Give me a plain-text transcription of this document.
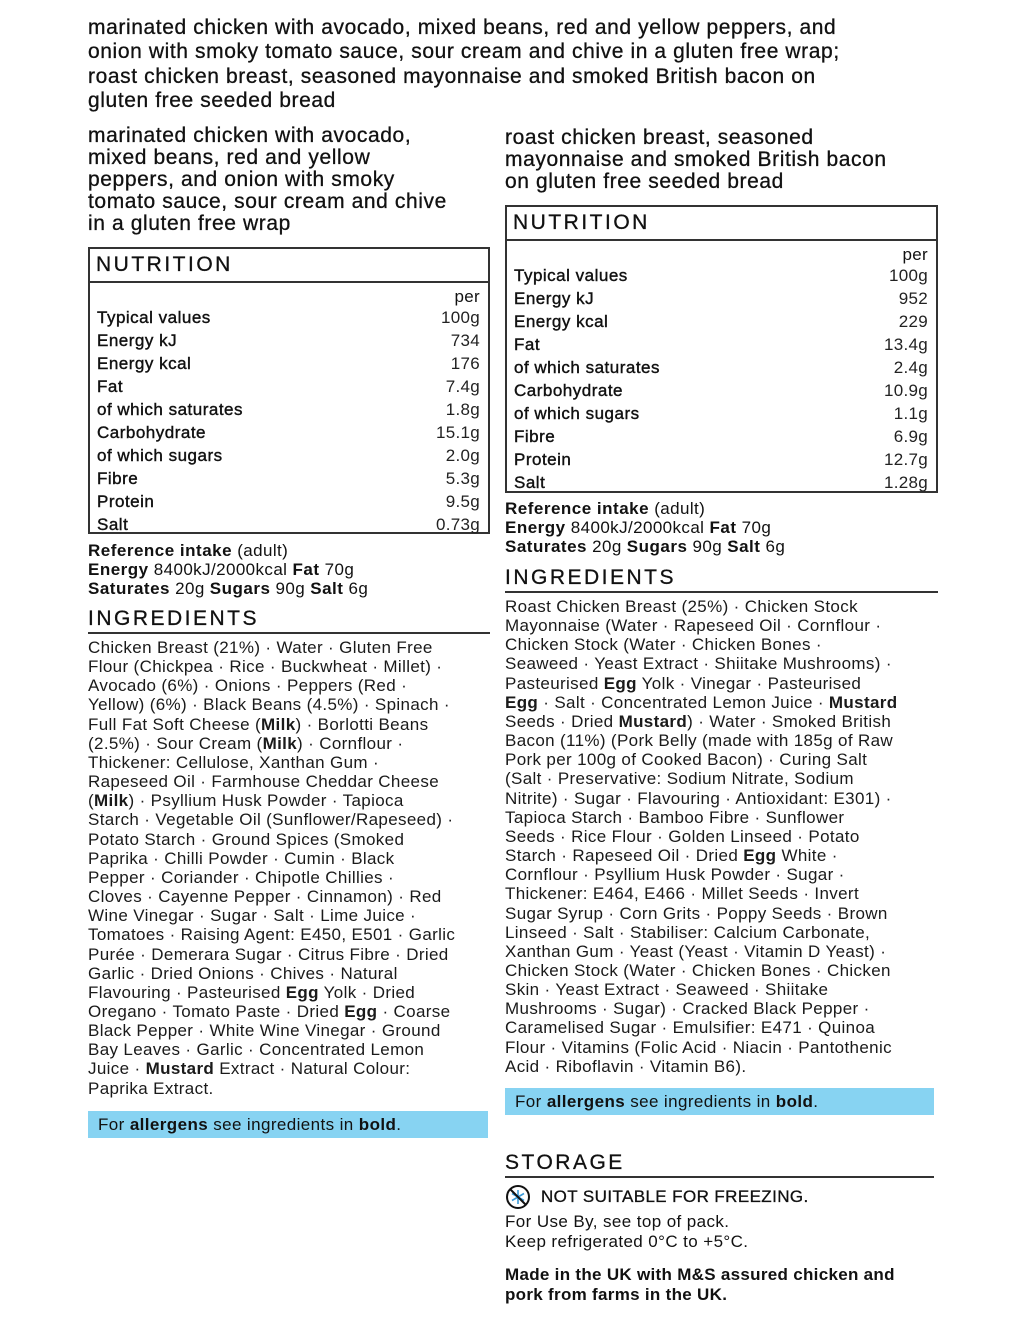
marinated chicken with avocado, mixed beans, red and yellow peppers, and
onion with smoky tomato sauce, sour cream and chive in a gluten free wrap;
roast chicken breast, seasoned mayonnaise and smoked British bacon on
gluten free seeded bread
marinated chicken with avocado,
mixed beans, red and yellow
peppers, and onion with smoky
tomato sauce, sour cream and chive
in a gluten free wrap
NUTRITION
per
Typical values	100g
Energy kJ	734
Energy kcal	176
Fat	7.4g
of which saturates	1.8g
Carbohydrate	15.1g
of which sugars	2.0g
Fibre	5.3g
Protein	9.5g
Salt	0.73g
Reference intake (adult)
Energy 8400kJ/2000kcal Fat 70g
Saturates 20g Sugars 90g Salt 6g
INGREDIENTS
Chicken Breast (21%) · Water · Gluten Free
Flour (Chickpea · Rice · Buckwheat · Millet) ·
Avocado (6%) · Onions · Peppers (Red ·
Yellow) (6%) · Black Beans (4.5%) · Spinach ·
Full Fat Soft Cheese (Milk) · Borlotti Beans
(2.5%) · Sour Cream (Milk) · Cornflour ·
Thickener: Cellulose, Xanthan Gum ·
Rapeseed Oil · Farmhouse Cheddar Cheese
(Milk) · Psyllium Husk Powder · Tapioca
Starch · Vegetable Oil (Sunflower/Rapeseed) ·
Potato Starch · Ground Spices (Smoked
Paprika · Chilli Powder · Cumin · Black
Pepper · Coriander · Chipotle Chillies ·
Cloves · Cayenne Pepper · Cinnamon) · Red
Wine Vinegar · Sugar · Salt · Lime Juice ·
Tomatoes · Raising Agent: E450, E501 · Garlic
Purée · Demerara Sugar · Citrus Fibre · Dried
Garlic · Dried Onions · Chives · Natural
Flavouring · Pasteurised Egg Yolk · Dried
Oregano · Tomato Paste · Dried Egg · Coarse
Black Pepper · White Wine Vinegar · Ground
Bay Leaves · Garlic · Concentrated Lemon
Juice · Mustard Extract · Natural Colour:
Paprika Extract.
For allergens see ingredients in bold.
roast chicken breast, seasoned
mayonnaise and smoked British bacon
on gluten free seeded bread
NUTRITION
per
Typical values	100g
Energy kJ	952
Energy kcal	229
Fat	13.4g
of which saturates	2.4g
Carbohydrate	10.9g
of which sugars	1.1g
Fibre	6.9g
Protein	12.7g
Salt	1.28g
Reference intake (adult)
Energy 8400kJ/2000kcal Fat 70g
Saturates 20g Sugars 90g Salt 6g
INGREDIENTS
Roast Chicken Breast (25%) · Chicken Stock
Mayonnaise (Water · Rapeseed Oil · Cornflour ·
Chicken Stock (Water · Chicken Bones ·
Seaweed · Yeast Extract · Shiitake Mushrooms) ·
Pasteurised Egg Yolk · Vinegar · Pasteurised
Egg · Salt · Concentrated Lemon Juice · Mustard
Seeds · Dried Mustard) · Water · Smoked British
Bacon (11%) (Pork Belly (made with 185g of Raw
Pork per 100g of Cooked Bacon) · Curing Salt
(Salt · Preservative: Sodium Nitrate, Sodium
Nitrite) · Sugar · Flavouring · Antioxidant: E301) ·
Tapioca Starch · Bamboo Fibre · Sunflower
Seeds · Rice Flour · Golden Linseed · Potato
Starch · Rapeseed Oil · Dried Egg White ·
Cornflour · Psyllium Husk Powder · Sugar ·
Thickener: E464, E466 · Millet Seeds · Invert
Sugar Syrup · Corn Grits · Poppy Seeds · Brown
Linseed · Salt · Stabiliser: Calcium Carbonate,
Xanthan Gum · Yeast (Yeast · Vitamin D Yeast) ·
Chicken Stock (Water · Chicken Bones · Chicken
Skin · Yeast Extract · Seaweed · Shiitake
Mushrooms · Sugar) · Cracked Black Pepper ·
Caramelised Sugar · Emulsifier: E471 · Quinoa
Flour · Vitamins (Folic Acid · Niacin · Pantothenic
Acid · Riboflavin · Vitamin B6).
For allergens see ingredients in bold.
STORAGE
NOT SUITABLE FOR FREEZING.
For Use By, see top of pack.
Keep refrigerated 0°C to +5°C.
Made in the UK with M&S assured chicken and
pork from farms in the UK.
